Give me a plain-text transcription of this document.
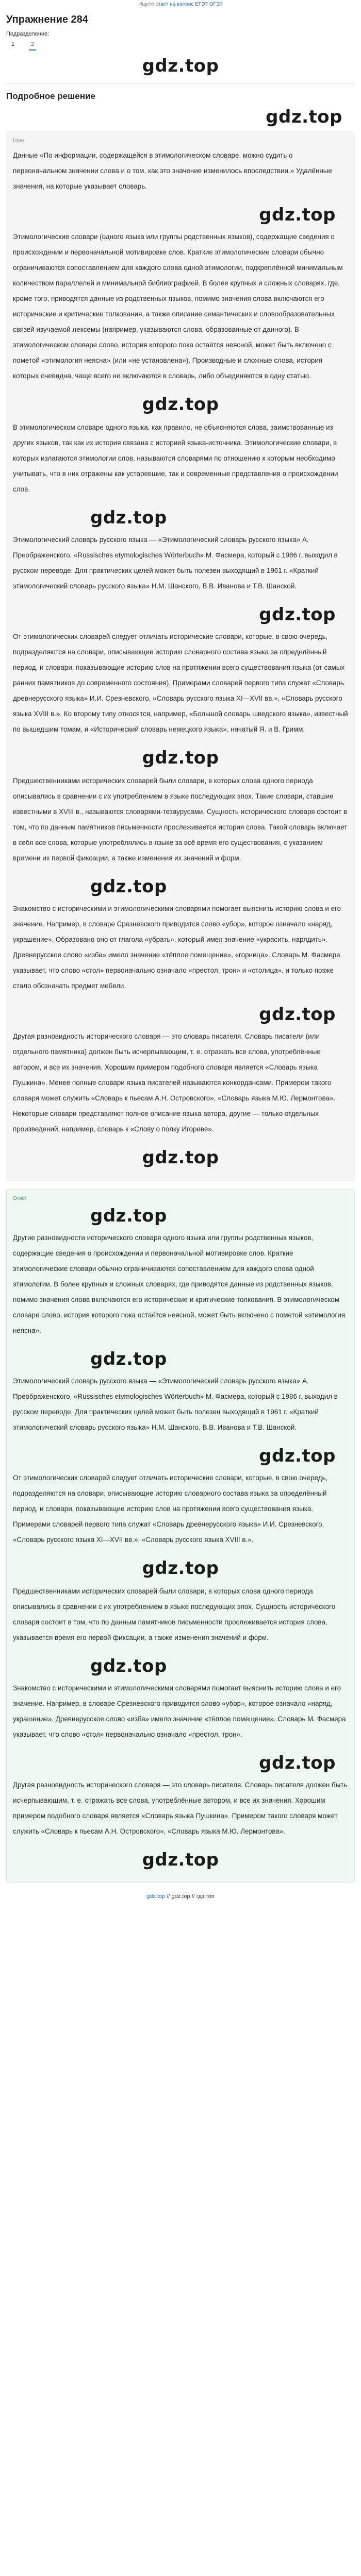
Ищете ответ на вопрос ЕГЭ? ОГЭ?
Упражнение 284
Подразделение:
1	2
gdz.top
Подробное решение
gdz.top
Горе

Данные «По информации, содержащейся в этимологическом словаре, можно судить о первоначальном значении слова и о том, как это значение изменилось впоследствии.» Удалённые значения, на которые указывает словарь.

gdz.top

Этимологические словари (одного языка или группы родственных языков), содержащие сведения о происхождении и первоначальной мотивировке слов. Краткие этимологические словари обычно ограничиваются сопоставлением для каждого слова одной этимологии, подкреплённой минимальным количеством параллелей и минимальной библиографией. В более крупных и сложных словарях, где, кроме того, приводятся данные из родственных языков, помимо значения слова включаются его исторические и критические толкования, а также описание семантических и словообразовательных связей изучаемой лексемы (например, указываются слова, образованные от данного). В этимологическом словаре слово, история которого пока остаётся неясной, может быть включено с пометой «этимология неясна» (или «не установлена»). Производные и сложные слова, история которых очевидна, чаще всего не включаются в словарь, либо объединяются в одну статью.

gdz.top

В этимологическом словаре одного языка, как правило, не объясняются слова, заимствованные из других языков, так как их история связана с историей языка-источника. Этимологические словари, в которых излагаются этимологии слов, называются словарями по отношению к которым необходимо учитывать, что в них отражены как устаревшие, так и современные представления о происхождении слов.

gdz.top

Этимологический словарь русского языка — «Этимологический словарь русского языка» А. Преображенского, «Russisches etymologisches Wörterbuch» М. Фасмера, который с 1986 г. выходил в русском переводе. Для практических целей может быть полезен выходящий в 1961 г. «Краткий этимологический словарь русского языка» Н.М. Шанского, В.В. Иванова и Т.В. Шанской.

gdz.top

От этимологических словарей следует отличать исторические словари, которые, в свою очередь, подразделяются на словари, описывающие историю словарного состава языка за определённый период, и словари, показывающие историю слов на протяжении всего существования языка (от самых ранних памятников до современного состояния). Примерами словарей первого типа служат «Словарь древнерусского языка» И.И. Срезневского, «Словарь русского языка XI—XVII вв.», «Словарь русского языка XVIII в.». Ко второму типу относятся, например, «Большой словарь шведского языка», известный по вышедшим томам, и «Исторический словарь немецкого языка», начатый Я. и В. Гримм.

gdz.top

Предшественниками исторических словарей были словари, в которых слова одного периода описывались в сравнении с их употреблением в языке последующих эпох. Такие словари, ставшие известными в XVIII в., называются словарями-тезаурусами. Сущность исторического словаря состоит в том, что по данным памятников письменности прослеживается история слова. Такой словарь включает в себя все слова, которые употреблялись в языке за всё время его существования, с указанием времени их первой фиксации, а также изменения их значений и форм.

gdz.top

Знакомство с историческими и этимологическими словарями помогает выяснить историю слова и его значение. Например, в словаре Срезневского приводится слово «убор», которое означало «наряд, украшение». Образовано оно от глагола «убрать», который имел значение «украсить, нарядить». Древнерусское слово «изба» имело значение «тёплое помещение», «горница». Словарь М. Фасмера указывает, что слово «стол» первоначально означало «престол, трон» и «столица», и только позже стало обозначать предмет мебели.

gdz.top

Другая разновидность исторического словаря — это словарь писателя. Словарь писателя (или отдельного памятника) должен быть исчерпывающим, т. е. отражать все слова, употреблённые автором, и все их значения. Хорошим примером подобного словаря является «Словарь языка Пушкина». Менее полные словари языка писателей называются конкордансами. Примером такого словаря может служить «Словарь к пьесам А.Н. Островского», «Словарь языка М.Ю. Лермонтова». Некоторые словари представляют полное описание языка автора, другие — только отдельных произведений, например, словарь к «Слову о полку Игореве».

gdz.top
Ответ
gdz.top

Другие разновидности исторического словаря одного языка или группы родственных языков, содержащие сведения о происхождении и первоначальной мотивировке слов. Краткие этимологические словари обычно ограничиваются сопоставлением для каждого слова одной этимологии. В более крупных и сложных словарях, где приводятся данные из родственных языков, помимо значения слова включаются его исторические и критические толкования. В этимологическом словаре слово, история которого пока остаётся неясной, может быть включено с пометой «этимология неясна».

gdz.top

Этимологический словарь русского языка — «Этимологический словарь русского языка» А. Преображенского, «Russisches etymologisches Wörterbuch» М. Фасмера, который с 1986 г. выходил в русском переводе. Для практических целей может быть полезен выходящий в 1961 г. «Краткий этимологический словарь русского языка» Н.М. Шанского, В.В. Иванова и Т.В. Шанской.

gdz.top

От этимологических словарей следует отличать исторические словари, которые, в свою очередь, подразделяются на словари, описывающие историю словарного состава языка за определённый период, и словари, показывающие историю слов на протяжении всего существования языка. Примерами словарей первого типа служат «Словарь древнерусского языка» И.И. Срезневского, «Словарь русского языка XI—XVII вв.», «Словарь русского языка XVIII в.».

gdz.top

Предшественниками исторических словарей были словари, в которых слова одного периода описывались в сравнении с их употреблением в языке последующих эпох. Сущность исторического словаря состоит в том, что по данным памятников письменности прослеживается история слова, указывается время его первой фиксации, а также изменения значений и форм.

gdz.top

Знакомство с историческими и этимологическими словарями помогает выяснить историю слова и его значение. Например, в словаре Срезневского приводится слово «убор», которое означало «наряд, украшение». Древнерусское слово «изба» имело значение «тёплое помещение». Словарь М. Фасмера указывает, что слово «стол» первоначально означало «престол, трон».

gdz.top

Другая разновидность исторического словаря — это словарь писателя. Словарь писателя должен быть исчерпывающим, т. е. отражать все слова, употреблённые автором, и все их значения. Хорошим примером подобного словаря является «Словарь языка Пушкина». Примером такого словаря может служить «Словарь к пьесам А.Н. Островского», «Словарь языка М.Ю. Лермонтова».

gdz.top
gdz.top // gdz.top // гдз.топ
